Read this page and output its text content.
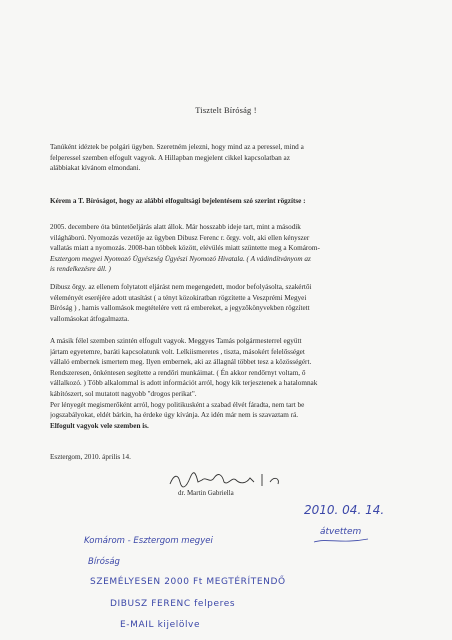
Tisztelt Bíróság !
Tanúként idéztek be polgári ügyben. Szeretném jelezni, hogy mind az a peressel, mind a
felperessel szemben elfogult vagyok. A Hillapban megjelent cikkel kapcsolatban az
alábbiakat kívánom elmondani.
Kérem a T. Bíróságot, hogy az alábbi elfogultsági bejelentésem szó szerint rögzítse :
2005. decembere óta büntetőeljárás alatt állok. Már hosszabb ideje tart, mint a második
világháború. Nyomozás vezetője az ügyben Dibusz Ferenc r. őrgy. volt, aki ellen kényszer
vallatás miatt a nyomozás. 2008-ban többek között, elévülés miatt szüntette meg a Komárom-
Esztergom megyei Nyomozó Ügyészség Ügyészi Nyomozó Hivatala. ( A vádindítványom az
is rendelkezésre áll. )
Dibusz őrgy. az ellenem folytatott eljárást nem megengedett, modor befolyásolta, szakértői
véleményét eseréjére adott utasítást ( a tényt közokiratban rögzítette a Veszprémi Megyei
Bíróság ) , hamis vallomások megtételére vett rá embereket, a jegyzőkönyvekben rögzített
vallomásokat átfogalmazta.
A másik félel szemben szintén elfogult vagyok. Meggyes Tamás polgármesterrel együtt
jártam egyetemre, baráti kapcsolatunk volt. Lelkiismeretes , tiszta, másokért felelősséget
vállaló embernek ismertem meg. Ilyen embernek, aki az állagnál többet tesz a közösségért.
Rendszeresen, önkéntesen segítette a rendőri munkáimat. ( Én akkor rendőrnyt voltam, ő
vállalkozó. ) Több alkalommal is adott információt arról, hogy kik terjesztenek a hatalomnak
kábítószert, sol mutatott nagyobb "drogos perikat".
Per lényegét megismerőként arról, hogy politikusként a szabad élvét fáradta, nem tart be
jogszabályokat, eldét bárkin, ha érdeke úgy kívánja. Az idén már nem is szavaztam rá.
Elfogult vagyok vele szemben is.
Esztergom, 2010. április 14.
dr. Martin Gabriella
2010. 04. 14.
átvettem
Komárom - Esztergom megyei
Bíróság
SZEMÉLYESEN 2000 Ft MEGTÉRÍTENDŐ
DIBUSZ FERENC felperes
E-MAIL kijelölve
